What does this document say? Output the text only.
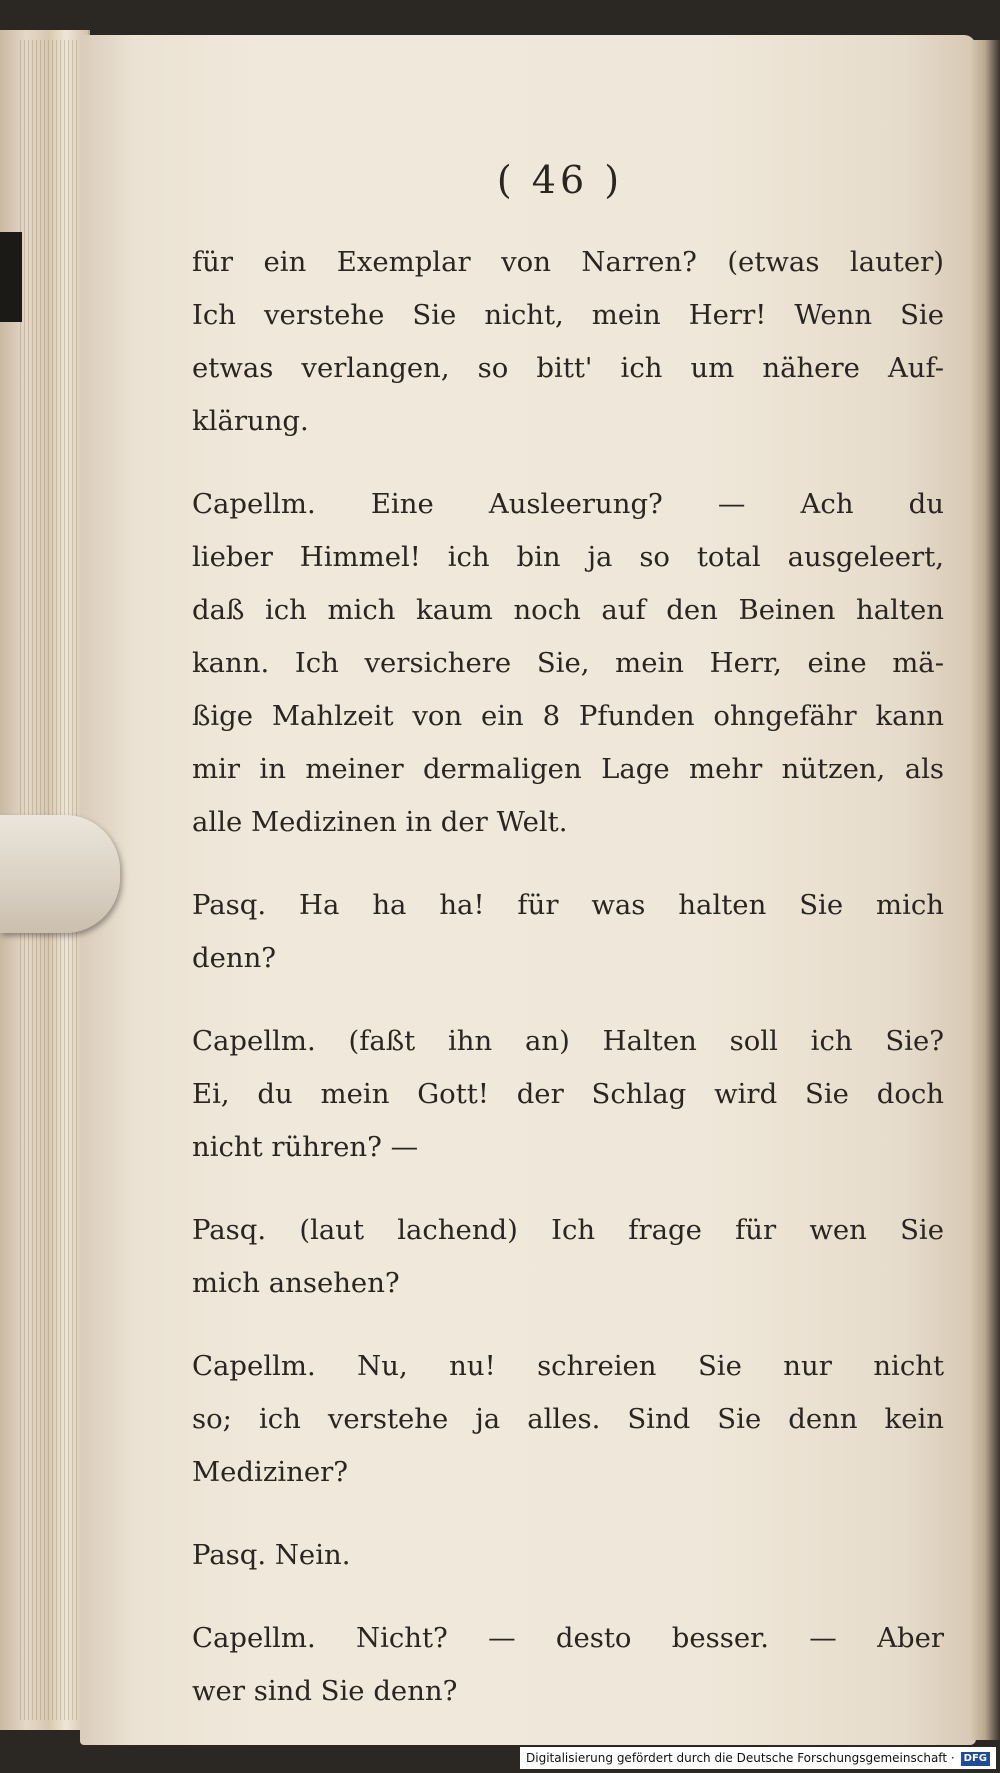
( 46 )
für ein Exemplar von Narren? (etwas lauter)
Ich verstehe Sie nicht, mein Herr! Wenn Sie
etwas verlangen, so bitt' ich um nähere Auf-
klärung.
Capellm. Eine Ausleerung? — Ach du
lieber Himmel! ich bin ja so total ausgeleert,
daß ich mich kaum noch auf den Beinen halten
kann. Ich versichere Sie, mein Herr, eine mä-
ßige Mahlzeit von ein 8 Pfunden ohngefähr kann
mir in meiner dermaligen Lage mehr nützen, als
alle Medizinen in der Welt.
Pasq. Ha ha ha! für was halten Sie mich
denn?
Capellm. (faßt ihn an) Halten soll ich Sie?
Ei, du mein Gott! der Schlag wird Sie doch
nicht rühren? —
Pasq. (laut lachend) Ich frage für wen Sie
mich ansehen?
Capellm. Nu, nu! schreien Sie nur nicht
so; ich verstehe ja alles. Sind Sie denn kein
Mediziner?
Pasq. Nein.
Capellm. Nicht? — desto besser. — Aber
wer sind Sie denn?
Digitalisierung gefördert durch die Deutsche Forschungsgemeinschaft · DFG
